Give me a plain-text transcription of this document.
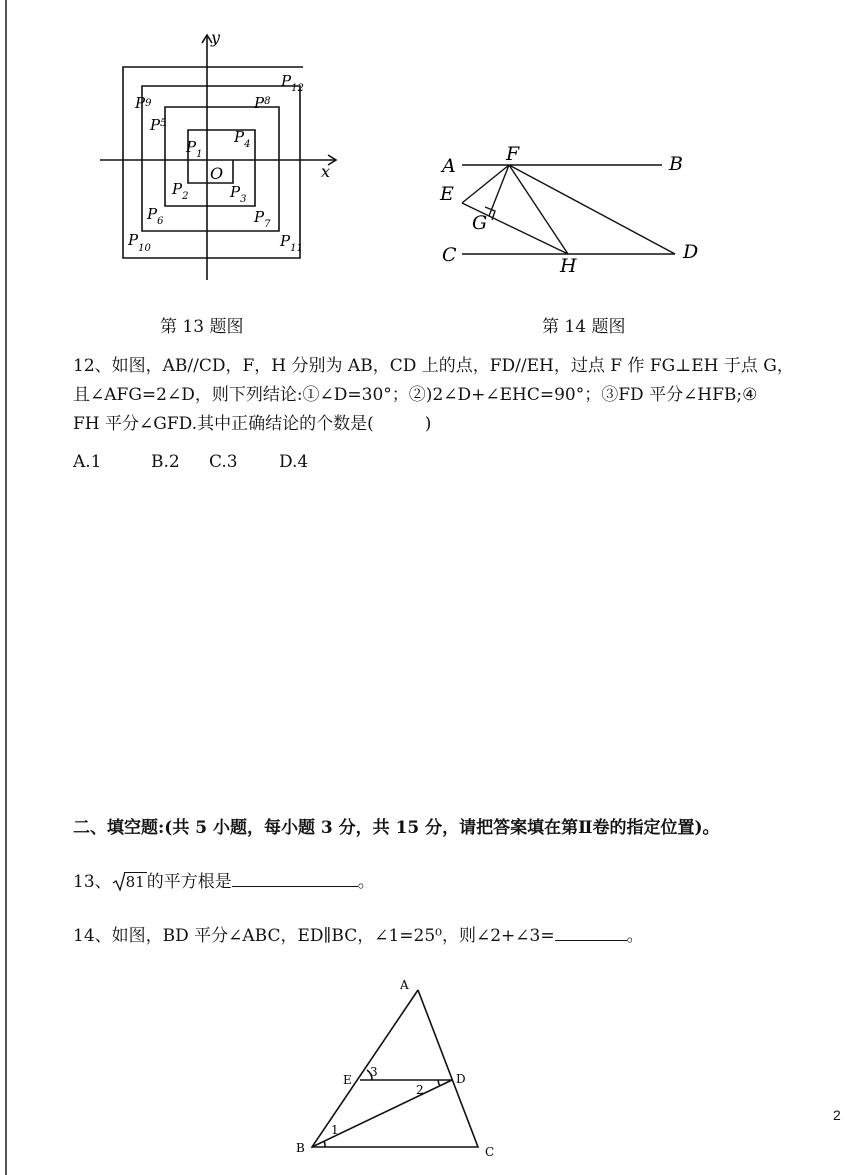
y
x
O
$P_1$
$P_2$	$P_3$
$P_4$
$P^5$
$P_6$	$P_7$
$P^8$
P9
$P_{10}$	$P_{11}$
$P_{12}$
A	B
C	D
E
F
G
H
第 13 题图	第 14 题图
12、如图，AB//CD，F，H 分别为 AB，CD 上的点，FD//EH，过点 F 作 FG⊥EH 于点 G，
且∠AFG=2∠D，则下列结论:①∠D=30°；②)2∠D+∠EHC=90°；③FD 平分∠HFB;④
FH 平分∠GFD.其中正确结论的个数是(　　　)
A.1	B.2 C.3 D.4
二、填空题:(共 5 小题，每小题 3 分，共 15 分，请把答案填在第Ⅱ卷的指定位置)。
13、 81 的平方根是	。
14、如图，BD 平分∠ABC，ED∥BC，∠1=25⁰，则∠2+∠3=	。
A
B	C
D
E
1
2
3
2
